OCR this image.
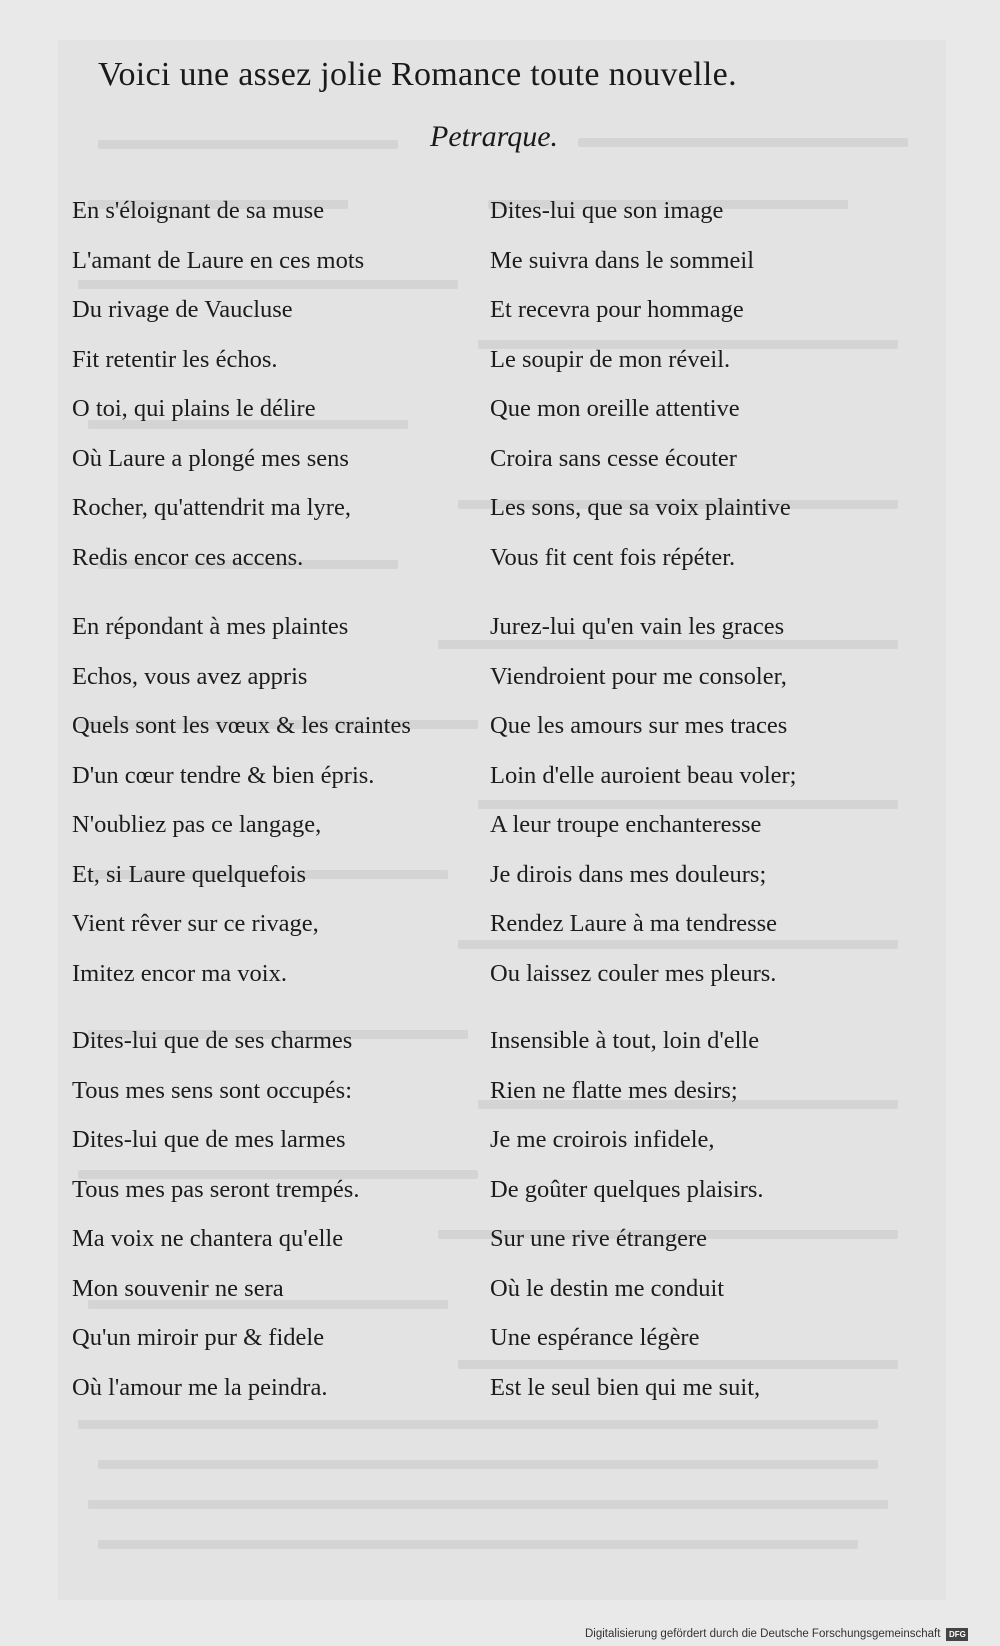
Voici une assez jolie Romance toute nouvelle.
Petrarque.
En s'éloignant de sa muse
L'amant de Laure en ces mots
Du rivage de Vaucluse
Fit retentir les échos.
O toi, qui plains le délire
Où Laure a plongé mes sens
Rocher, qu'attendrit ma lyre,
Redis encor ces accens.
Dites-lui que son image
Me suivra dans le sommeil
Et recevra pour hommage
Le soupir de mon réveil.
Que mon oreille attentive
Croira sans cesse écouter
Les sons, que sa voix plaintive
Vous fit cent fois répéter.
En répondant à mes plaintes
Echos, vous avez appris
Quels sont les vœux & les craintes
D'un cœur tendre & bien épris.
N'oubliez pas ce langage,
Et, si Laure quelquefois
Vient rêver sur ce rivage,
Imitez encor ma voix.
Jurez-lui qu'en vain les graces
Viendroient pour me consoler,
Que les amours sur mes traces
Loin d'elle auroient beau voler;
A leur troupe enchanteresse
Je dirois dans mes douleurs;
Rendez Laure à ma tendresse
Ou laissez couler mes pleurs.
Dites-lui que de ses charmes
Tous mes sens sont occupés:
Dites-lui que de mes larmes
Tous mes pas seront trempés.
Ma voix ne chantera qu'elle
Mon souvenir ne sera
Qu'un miroir pur & fidele
Où l'amour me la peindra.
Insensible à tout, loin d'elle
Rien ne flatte mes desirs;
Je me croirois infidele,
De goûter quelques plaisirs.
Sur une rive étrangere
Où le destin me conduit
Une espérance légère
Est le seul bien qui me suit,
Digitalisierung gefördert durch die Deutsche Forschungsgemeinschaft	DFG
